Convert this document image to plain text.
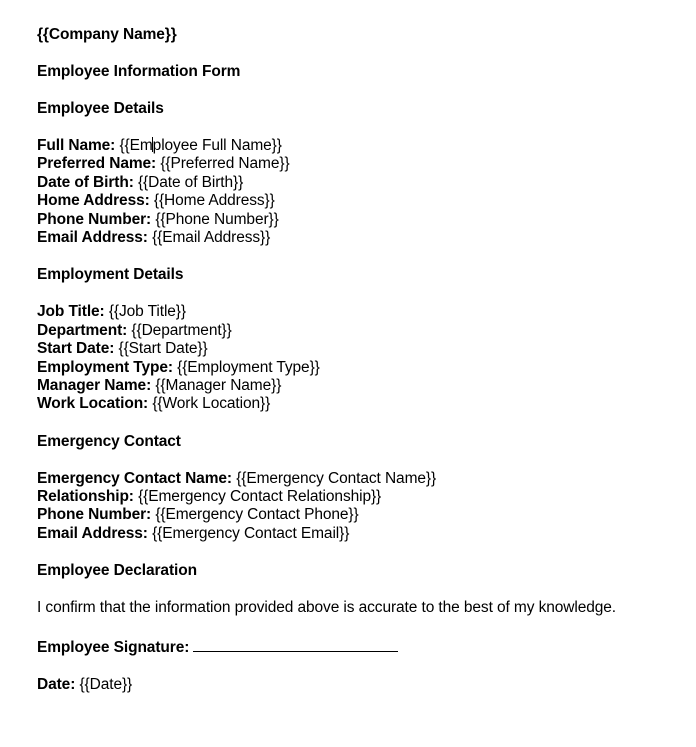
{{Company Name}}
Employee Information Form
Employee Details
Full Name: {{Employee Full Name}}
Preferred Name: {{Preferred Name}}
Date of Birth: {{Date of Birth}}
Home Address: {{Home Address}}
Phone Number: {{Phone Number}}
Email Address: {{Email Address}}
Employment Details
Job Title: {{Job Title}}
Department: {{Department}}
Start Date: {{Start Date}}
Employment Type: {{Employment Type}}
Manager Name: {{Manager Name}}
Work Location: {{Work Location}}
Emergency Contact
Emergency Contact Name: {{Emergency Contact Name}}
Relationship: {{Emergency Contact Relationship}}
Phone Number: {{Emergency Contact Phone}}
Email Address: {{Emergency Contact Email}}
Employee Declaration
I confirm that the information provided above is accurate to the best of my knowledge.
Employee Signature:
Date: {{Date}}
